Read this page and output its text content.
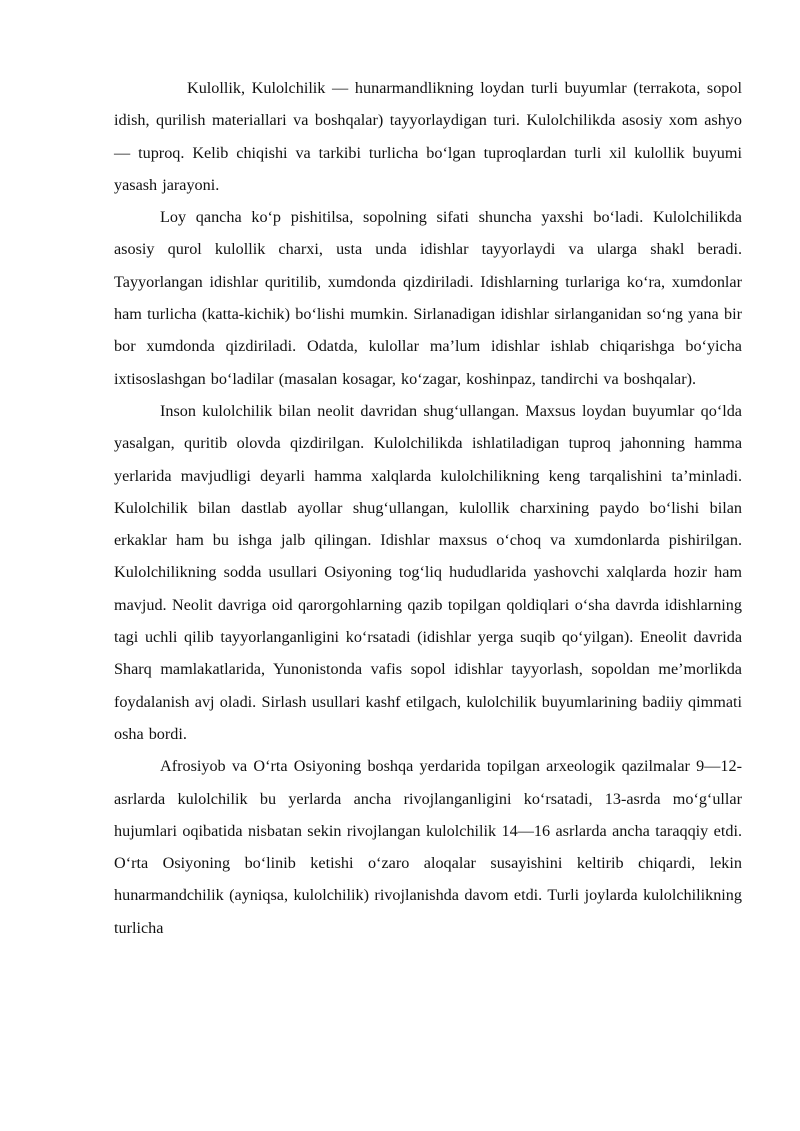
Kulollik, Kulolchilik — hunarmandlikning loydan turli buyumlar (terrakota, sopol idish, qurilish materiallari va boshqalar) tayyorlaydigan turi. Kulolchilikda asosiy xom ashyo — tuproq. Kelib chiqishi va tarkibi turlicha bo‘lgan tuproqlardan turli xil kulollik buyumi yasash jarayoni.

Loy qancha ko‘p pishitilsa, sopolning sifati shuncha yaxshi bo‘ladi. Kulolchilikda asosiy qurol kulollik charxi, usta unda idishlar tayyorlaydi va ularga shakl beradi. Tayyorlangan idishlar quritilib, xumdonda qizdiriladi. Idishlarning turlariga ko‘ra, xumdonlar ham turlicha (katta-kichik) bo‘lishi mumkin. Sirlanadigan idishlar sirlanganidan so‘ng yana bir bor xumdonda qizdiriladi. Odatda, kulollar ma’lum idishlar ishlab chiqarishga bo‘yicha ixtisoslashgan bo‘ladilar (masalan kosagar, ko‘zagar, koshinpaz, tandirchi va boshqalar).

Inson kulolchilik bilan neolit davridan shug‘ullangan. Maxsus loydan buyumlar qo‘lda yasalgan, quritib olovda qizdirilgan. Kulolchilikda ishlatiladigan tuproq jahonning hamma yerlarida mavjudligi deyarli hamma xalqlarda kulolchilikning keng tarqalishini ta’minladi. Kulolchilik bilan dastlab ayollar shug‘ullangan, kulollik charxining paydo bo‘lishi bilan erkaklar ham bu ishga jalb qilingan. Idishlar maxsus o‘choq va xumdonlarda pishirilgan. Kulolchilikning sodda usullari Osiyoning tog‘liq hududlarida yashovchi xalqlarda hozir ham mavjud. Neolit davriga oid qarorgohlarning qazib topilgan qoldiqlari o‘sha davrda idishlarning tagi uchli qilib tayyorlanganligini ko‘rsatadi (idishlar yerga suqib qo‘yilgan). Eneolit davrida Sharq mamlakatlarida, Yunonistonda vafis sopol idishlar tayyorlash, sopoldan me’morlikda foydalanish avj oladi. Sirlash usullari kashf etilgach, kulolchilik buyumlarining badiiy qimmati osha bordi.

Afrosiyob va O‘rta Osiyoning boshqa yerdarida topilgan arxeologik qazilmalar 9—12-asrlarda kulolchilik bu yerlarda ancha rivojlanganligini ko‘rsatadi, 13-asrda mo‘g‘ullar hujumlari oqibatida nisbatan sekin rivojlangan kulolchilik 14—16 asrlarda ancha taraqqiy etdi. O‘rta Osiyoning bo‘linib ketishi o‘zaro aloqalar susayishini keltirib chiqardi, lekin hunarmandchilik (ayniqsa, kulolchilik) rivojlanishda davom etdi. Turli joylarda kulolchilikning turlicha
